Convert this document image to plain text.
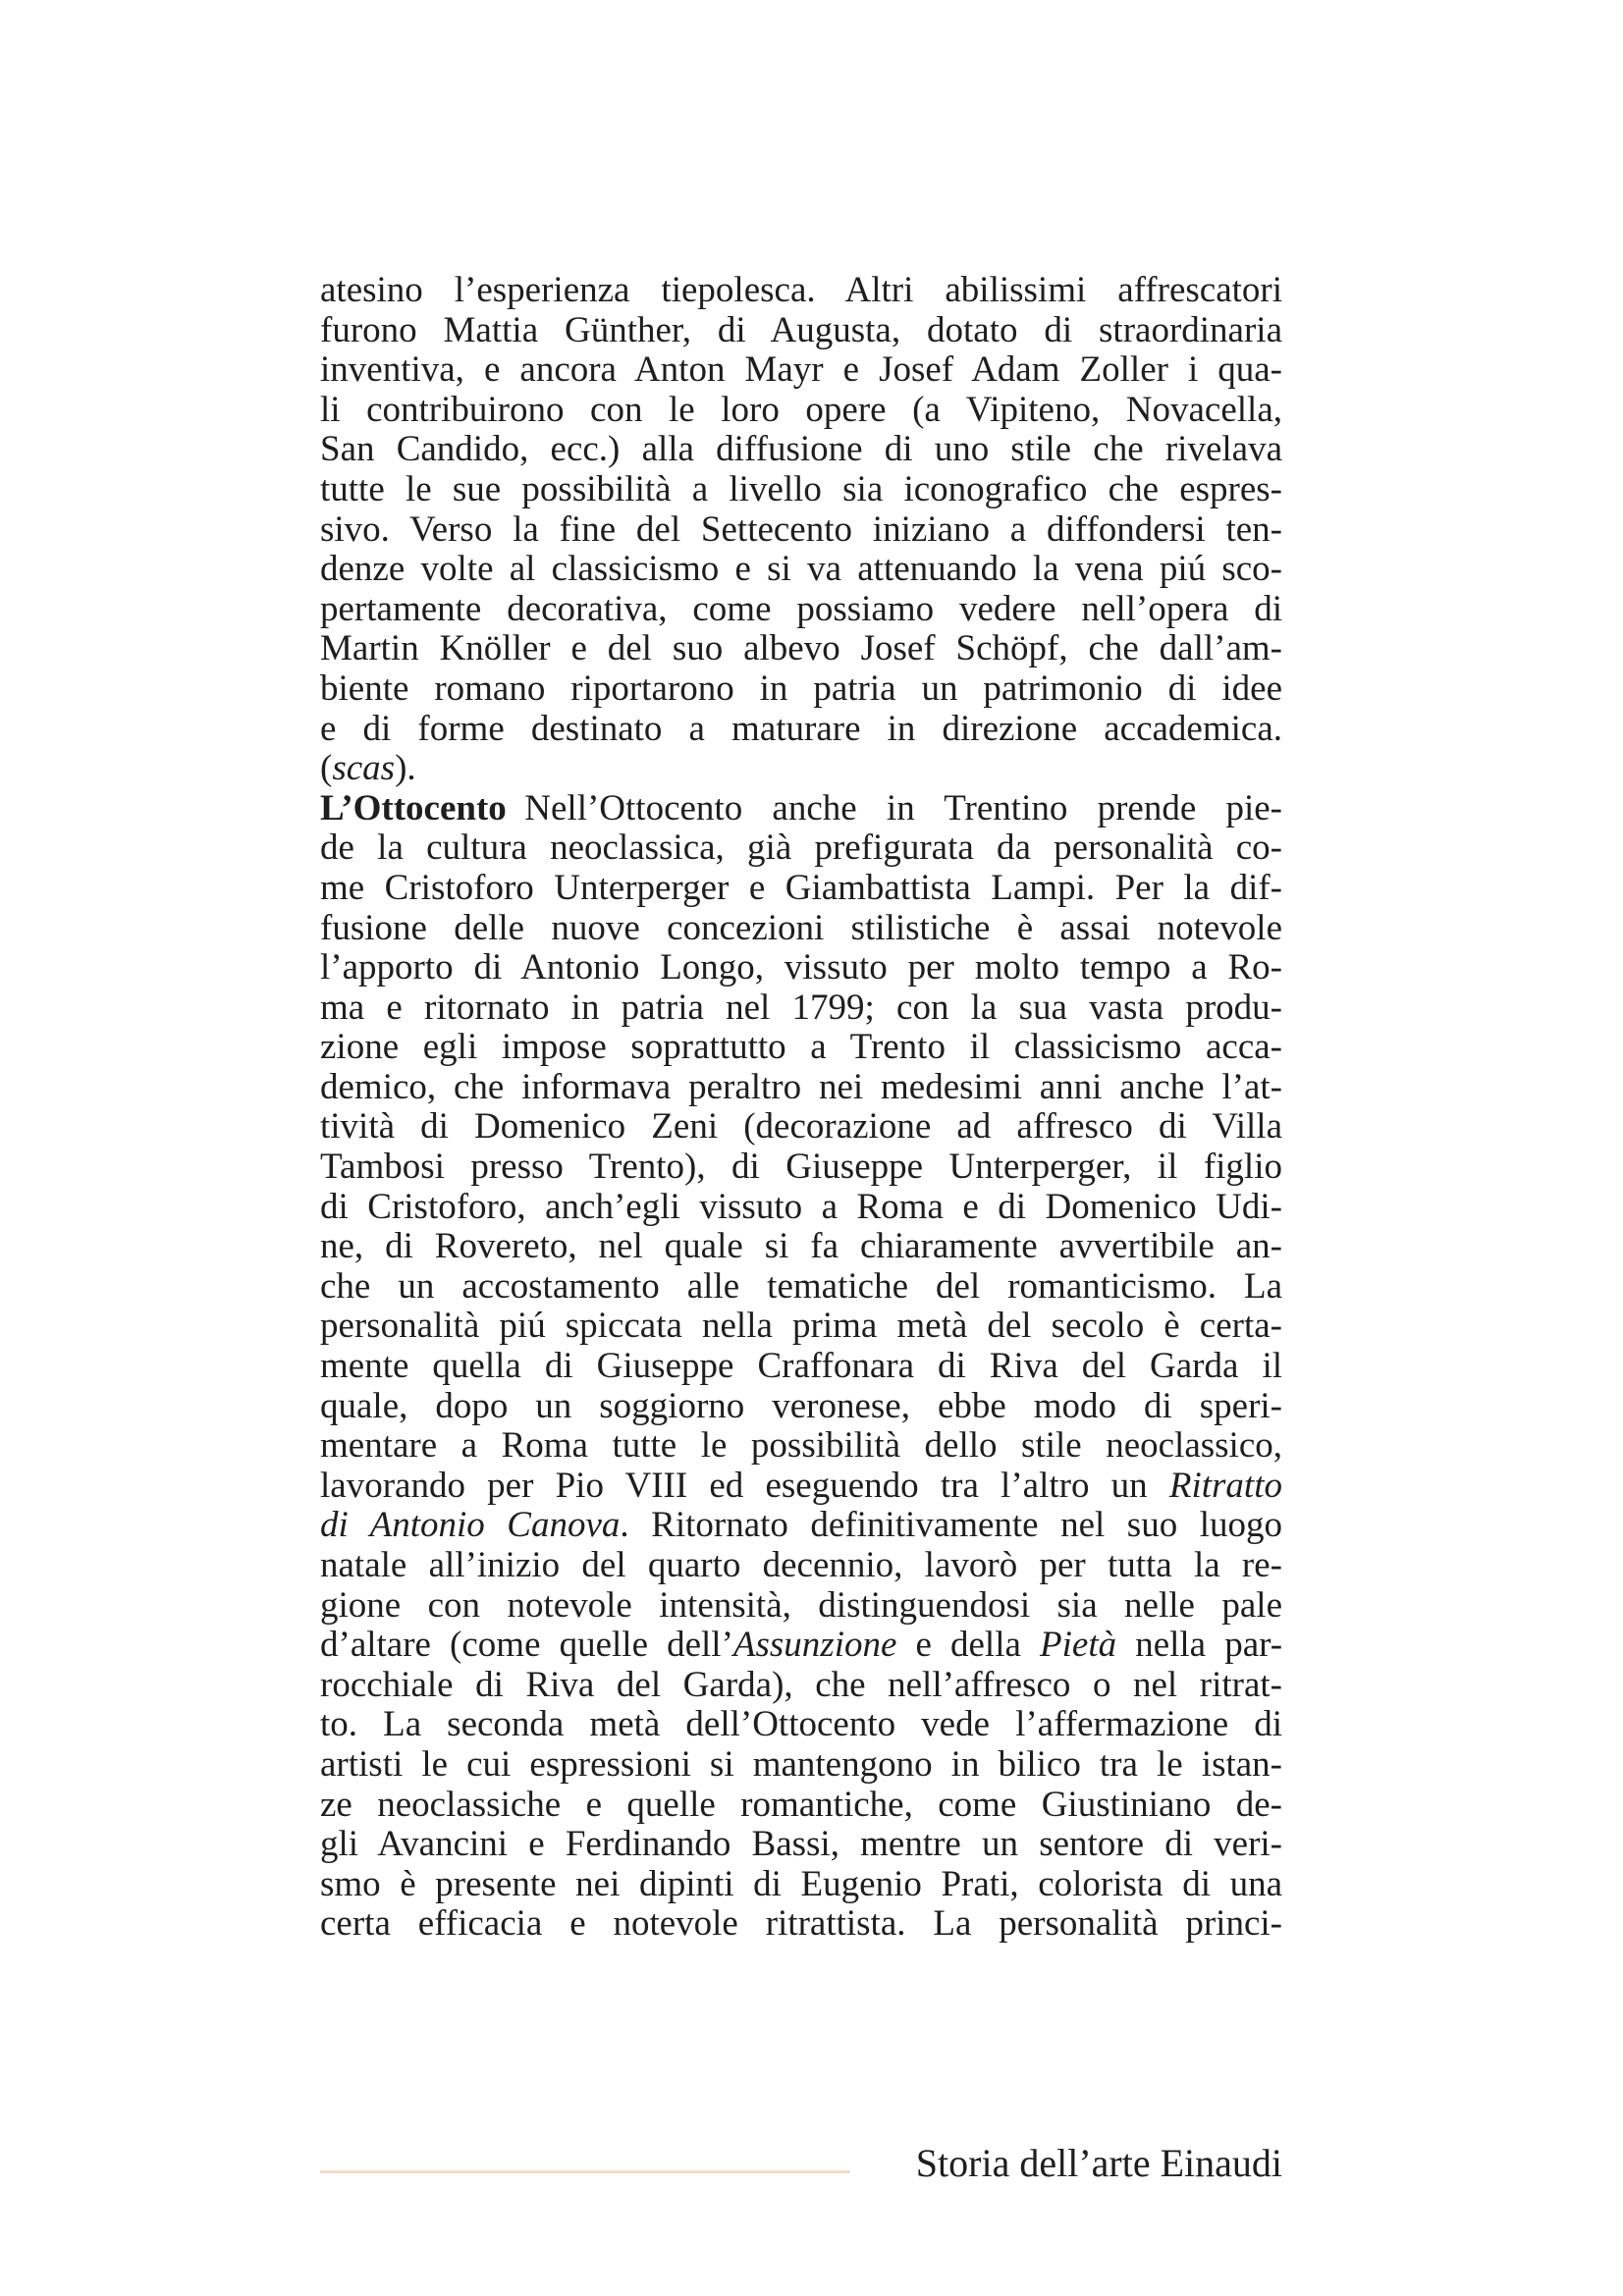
atesino l’esperienza tiepolesca. Altri abilissimi affrescatori
furono Mattia Günther, di Augusta, dotato di straordinaria
inventiva, e ancora Anton Mayr e Josef Adam Zoller i qua-
li contribuirono con le loro opere (a Vipiteno, Novacella,
San Candido, ecc.) alla diffusione di uno stile che rivelava
tutte le sue possibilità a livello sia iconografico che espres-
sivo. Verso la fine del Settecento iniziano a diffondersi ten-
denze volte al classicismo e si va attenuando la vena piú sco-
pertamente decorativa, come possiamo vedere nell’opera di
Martin Knöller e del suo albevo Josef Schöpf, che dall’am-
biente romano riportarono in patria un patrimonio di idee
e di forme destinato a maturare in direzione accademica.
(scas).
L’Ottocento  Nell’Ottocento anche in Trentino prende pie-
de la cultura neoclassica, già prefigurata da personalità co-
me Cristoforo Unterperger e Giambattista Lampi. Per la dif-
fusione delle nuove concezioni stilistiche è assai notevole
l’apporto di Antonio Longo, vissuto per molto tempo a Ro-
ma e ritornato in patria nel 1799; con la sua vasta produ-
zione egli impose soprattutto a Trento il classicismo acca-
demico, che informava peraltro nei medesimi anni anche l’at-
tività di Domenico Zeni (decorazione ad affresco di Villa
Tambosi presso Trento), di Giuseppe Unterperger, il figlio
di Cristoforo, anch’egli vissuto a Roma e di Domenico Udi-
ne, di Rovereto, nel quale si fa chiaramente avvertibile an-
che un accostamento alle tematiche del romanticismo. La
personalità piú spiccata nella prima metà del secolo è certa-
mente quella di Giuseppe Craffonara di Riva del Garda il
quale, dopo un soggiorno veronese, ebbe modo di speri-
mentare a Roma tutte le possibilità dello stile neoclassico,
lavorando per Pio VIII ed eseguendo tra l’altro un Ritratto
di Antonio Canova. Ritornato definitivamente nel suo luogo
natale all’inizio del quarto decennio, lavorò per tutta la re-
gione con notevole intensità, distinguendosi sia nelle pale
d’altare (come quelle dell’Assunzione e della Pietà nella par-
rocchiale di Riva del Garda), che nell’affresco o nel ritrat-
to. La seconda metà dell’Ottocento vede l’affermazione di
artisti le cui espressioni si mantengono in bilico tra le istan-
ze neoclassiche e quelle romantiche, come Giustiniano de-
gli Avancini e Ferdinando Bassi, mentre un sentore di veri-
smo è presente nei dipinti di Eugenio Prati, colorista di una
certa efficacia e notevole ritrattista. La personalità princi-
Storia dell’arte Einaudi
